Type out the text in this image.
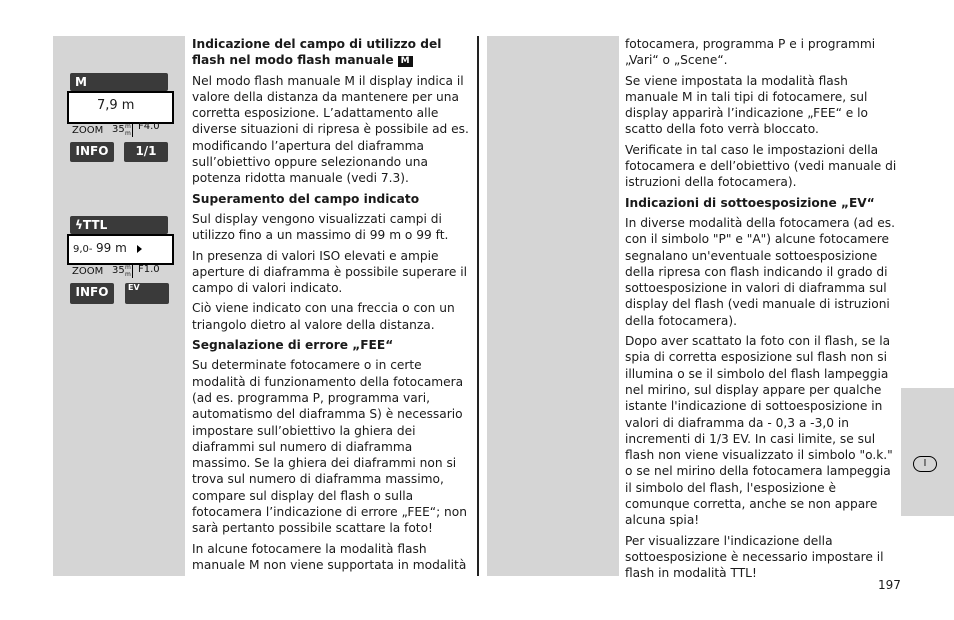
M
7,9 m
ZOOM 35 m
m
F4.0
INFO	1/1
ϟTTL
9,0- 99 m
ZOOM 35 m
m F1.0
INFO	EV
Indicazione del campo di utilizzo del flash nel modo flash manuale M

Nel modo flash manuale M il display indica il valore della distanza da mantenere per una corretta esposizione. L’adattamento alle diverse situazioni di ripresa è possibile ad es. modificando l’apertura del diaframma sull’obiettivo oppure selezionando una potenza ridotta manuale (vedi 7.3).

Superamento del campo indicato

Sul display vengono visualizzati campi di utilizzo fino a un massimo di 99 m o 99 ft.

In presenza di valori ISO elevati e ampie aperture di diaframma è possibile superare il campo di valori indicato.

Ciò viene indicato con una freccia o con un triangolo dietro al valore della distanza.

Segnalazione di errore „FEE“

Su determinate fotocamere o in certe modalità di funzionamento della fotocamera (ad es. programma P, programma vari, automatismo del diaframma S) è necessario impostare sull’obiettivo la ghiera dei diaframmi sul numero di diaframma massimo. Se la ghiera dei diaframmi non si trova sul numero di diaframma massimo, compare sul display del flash o sulla fotocamera l’indicazione di errore „FEE“; non sarà pertanto possibile scattare la foto!

In alcune fotocamere la modalità flash manuale M non viene supportata in modalità

fotocamera, programma P e i programmi „Vari“ o „Scene“.

Se viene impostata la modalità flash manuale M in tali tipi di fotocamere, sul display apparirà l’indicazione „FEE“ e lo scatto della foto verrà bloccato.

Verificate in tal caso le impostazioni della fotocamera e dell’obiettivo (vedi manuale di istruzioni della fotocamera).

Indicazioni di sottoesposizione „EV“

In diverse modalità della fotocamera (ad es. con il simbolo "P" e "A") alcune fotocamere segnalano un'eventuale sottoesposizione della ripresa con flash indicando il grado di sottoesposizione in valori di diaframma sul display del flash (vedi manuale di istruzioni della fotocamera).

Dopo aver scattato la foto con il flash, se la spia di corretta esposizione sul flash non si illumina o se il simbolo del flash lampeggia nel mirino, sul display appare per qualche istante l'indicazione di sottoesposizione in valori di diaframma da - 0,3 a -3,0 in incrementi di 1/3 EV. In casi limite, se sul flash non viene visualizzato il simbolo "o.k." o se nel mirino della fotocamera lampeggia il simbolo del flash, l'esposizione è comunque corretta, anche se non appare alcuna spia!

Per visualizzare l'indicazione della sottoesposizione è necessario impostare il flash in modalità TTL!

I
197
